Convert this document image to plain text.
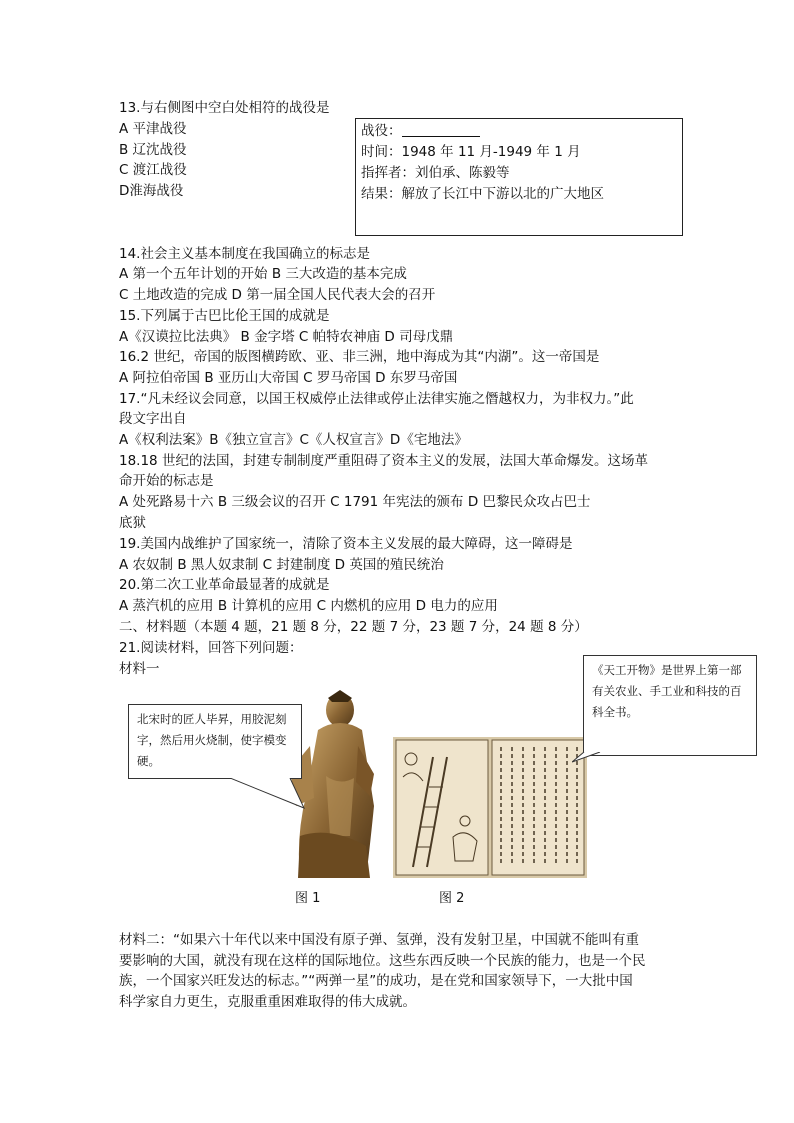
13.与右侧图中空白处相符的战役是
A 平津战役
B 辽沈战役
C 渡江战役
D淮海战役
战役：
时间：1948 年 11 月-1949 年 1 月
指挥者：刘伯承、陈毅等
结果：解放了长江中下游以北的广大地区
14.社会主义基本制度在我国确立的标志是
A 第一个五年计划的开始 B 三大改造的基本完成
C 土地改造的完成 D 第一届全国人民代表大会的召开
15.下列属于古巴比伦王国的成就是
A《汉谟拉比法典》 B 金字塔 C 帕特农神庙 D 司母戊鼎
16.2 世纪，帝国的版图横跨欧、亚、非三洲，地中海成为其“内湖”。这一帝国是
A 阿拉伯帝国 B 亚历山大帝国 C 罗马帝国 D 东罗马帝国
17.“凡未经议会同意，以国王权威停止法律或停止法律实施之僭越权力，为非权力。”此
段文字出自
A《权利法案》B《独立宣言》C《人权宣言》D《宅地法》
18.18 世纪的法国，封建专制制度严重阻碍了资本主义的发展，法国大革命爆发。这场革
命开始的标志是
A 处死路易十六 B 三级会议的召开 C 1791 年宪法的颁布 D 巴黎民众攻占巴士
底狱
19.美国内战维护了国家统一，清除了资本主义发展的最大障碍，这一障碍是
A 农奴制 B 黑人奴隶制 C 封建制度 D 英国的殖民统治
20.第二次工业革命最显著的成就是
A 蒸汽机的应用 B 计算机的应用 C 内燃机的应用 D 电力的应用
二、材料题（本题 4 题，21 题 8 分，22 题 7 分，23 题 7 分，24 题 8 分）
21.阅读材料，回答下列问题：
材料一
北宋时的匠人毕昇，用胶泥刻字，然后用火烧制，使字模变硬。
《天工开物》是世界上第一部有关农业、手工业和科技的百科全书。
图 1	图 2
材料二：“如果六十年代以来中国没有原子弹、氢弹，没有发射卫星，中国就不能叫有重
要影响的大国，就没有现在这样的国际地位。这些东西反映一个民族的能力，也是一个民
族，一个国家兴旺发达的标志。”“两弹一星”的成功，是在党和国家领导下，一大批中国
科学家自力更生，克服重重困难取得的伟大成就。
